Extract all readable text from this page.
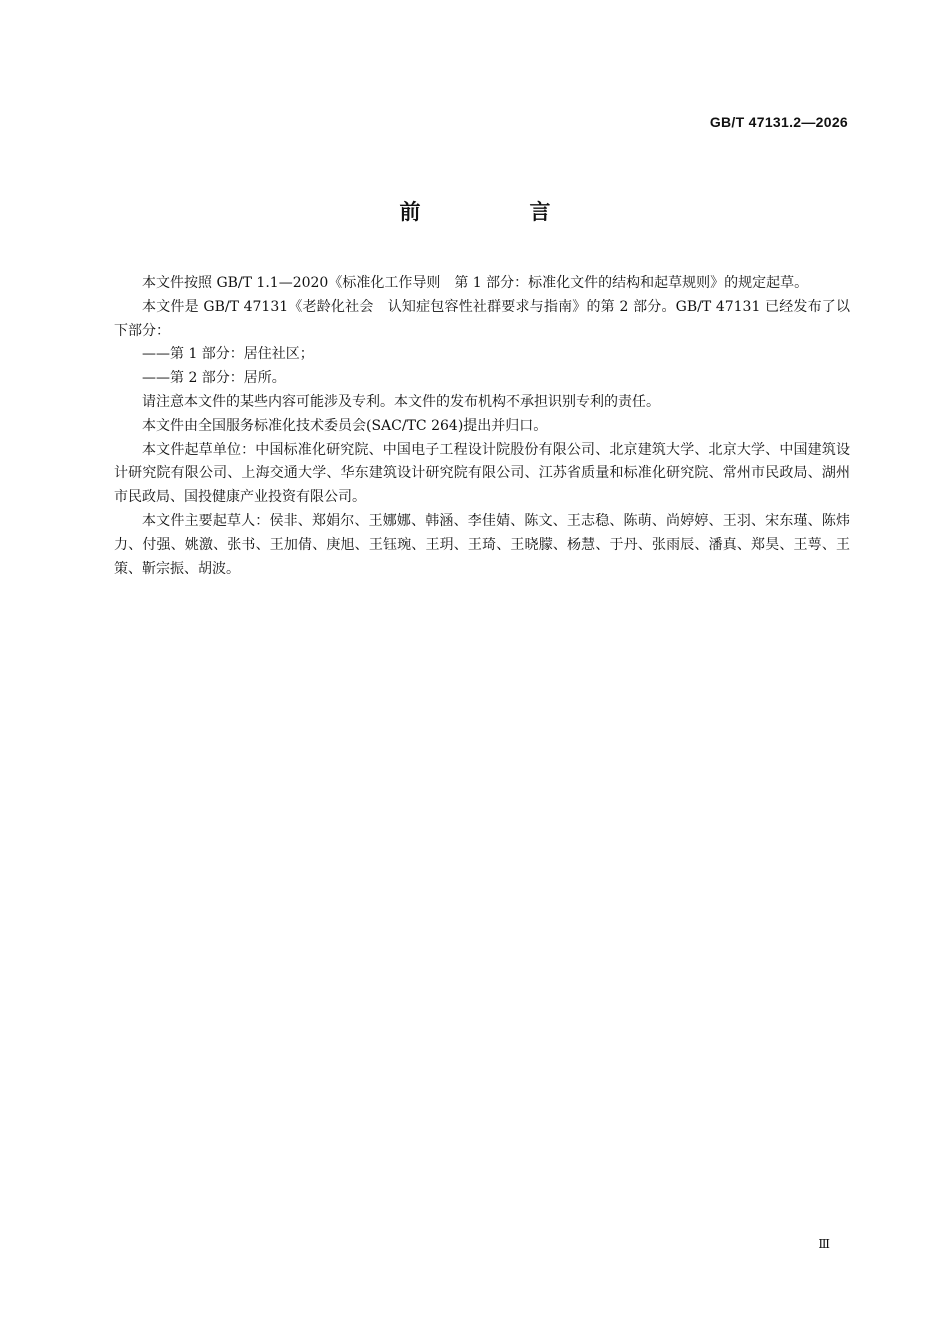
GB/T 47131.2—2026
前　言

本文件按照 GB/T 1.1—2020《标准化工作导则　第 1 部分：标准化文件的结构和起草规则》的规定起草。

本文件是 GB/T 47131《老龄化社会　认知症包容性社群要求与指南》的第 2 部分。GB/T 47131 已经发布了以下部分：

——第 1 部分：居住社区；

——第 2 部分：居所。

请注意本文件的某些内容可能涉及专利。本文件的发布机构不承担识别专利的责任。

本文件由全国服务标准化技术委员会(SAC/TC 264)提出并归口。

本文件起草单位：中国标准化研究院、中国电子工程设计院股份有限公司、北京建筑大学、北京大学、中国建筑设计研究院有限公司、上海交通大学、华东建筑设计研究院有限公司、江苏省质量和标准化研究院、常州市民政局、湖州市民政局、国投健康产业投资有限公司。

本文件主要起草人：侯非、郑娟尔、王娜娜、韩涵、李佳婧、陈文、王志稳、陈萌、尚婷婷、王羽、宋东瑾、陈炜力、付强、姚激、张书、王加倩、庚旭、王钰琬、王玥、王琦、王晓朦、杨慧、于丹、张雨辰、潘真、郑昊、王萼、王策、靳宗振、胡波。

Ⅲ
